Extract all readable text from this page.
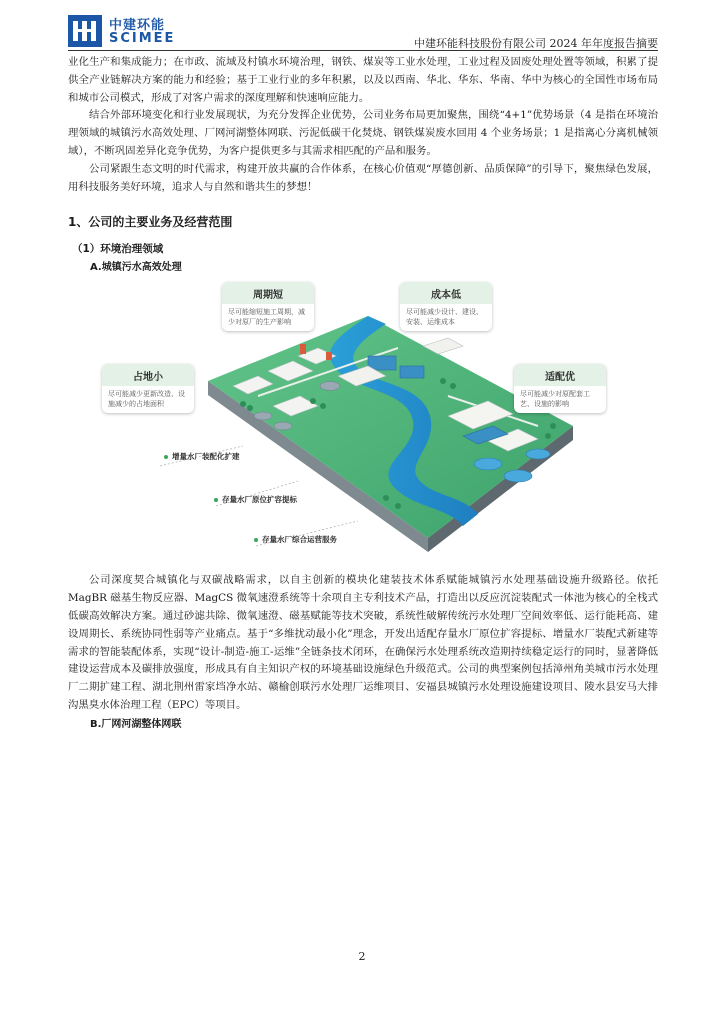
中建环能
SCIMEE	中建环能科技股份有限公司 2024 年年度报告摘要

业化生产和集成能力；在市政、流域及村镇水环境治理，钢铁、煤炭等工业水处理，工业过程及固废处理处置等领域，积累了提供全产业链解决方案的能力和经验；基于工业行业的多年积累，以及以西南、华北、华东、华南、华中为核心的全国性市场布局和城市公司模式，形成了对客户需求的深度理解和快速响应能力。

结合外部环境变化和行业发展现状，为充分发挥企业优势，公司业务布局更加聚焦，围绕“4+1”优势场景（4 是指在环境治理领域的城镇污水高效处理、厂网河湖整体网联、污泥低碳干化焚烧、钢铁煤炭废水回用 4 个业务场景；1 是指离心分离机械领域），不断巩固差异化竞争优势，为客户提供更多与其需求相匹配的产品和服务。

公司紧跟生态文明的时代需求，构建开放共赢的合作体系，在核心价值观“厚德创新、品质保障”的引导下，聚焦绿色发展，用科技服务美好环境，追求人与自然和谐共生的梦想！

1、公司的主要业务及经营范围
（1）环境治理领域
A.城镇污水高效处理
周期短
尽可能缩短施工周期，减少对原厂的生产影响
成本低
尽可能减少设计、建设、安装、运维成本
占地小
尽可能减少更新改造、设施减少的占地面积
适配优
尽可能减少对原配套工艺、设施的影响
增量水厂装配化扩建
存量水厂原位扩容提标
存量水厂综合运营服务

公司深度契合城镇化与双碳战略需求，以自主创新的模块化建装技术体系赋能城镇污水处理基础设施升级路径。依托 MagBR 磁基生物反应器、MagCS 微氧速澄系统等十余项自主专利技术产品，打造出以反应沉淀装配式一体池为核心的全栈式低碳高效解决方案。通过砂滤共除、微氧速澄、磁基赋能等技术突破，系统性破解传统污水处理厂空间效率低、运行能耗高、建设周期长、系统协同性弱等产业痛点。基于“多维扰动最小化”理念，开发出适配存量水厂原位扩容提标、增量水厂装配式新建等需求的智能装配体系，实现“设计-制造-施工-运维”全链条技术闭环，在确保污水处理系统改造期持续稳定运行的同时，显著降低建设运营成本及碳排放强度，形成具有自主知识产权的环境基础设施绿色升级范式。公司的典型案例包括漳州角美城市污水处理厂二期扩建工程、湖北荆州雷家垱净水站、赣榆创联污水处理厂运维项目、安福县城镇污水处理设施建设项目、陵水县安马大排沟黑臭水体治理工程（EPC）等项目。

B.厂网河湖整体网联
2
